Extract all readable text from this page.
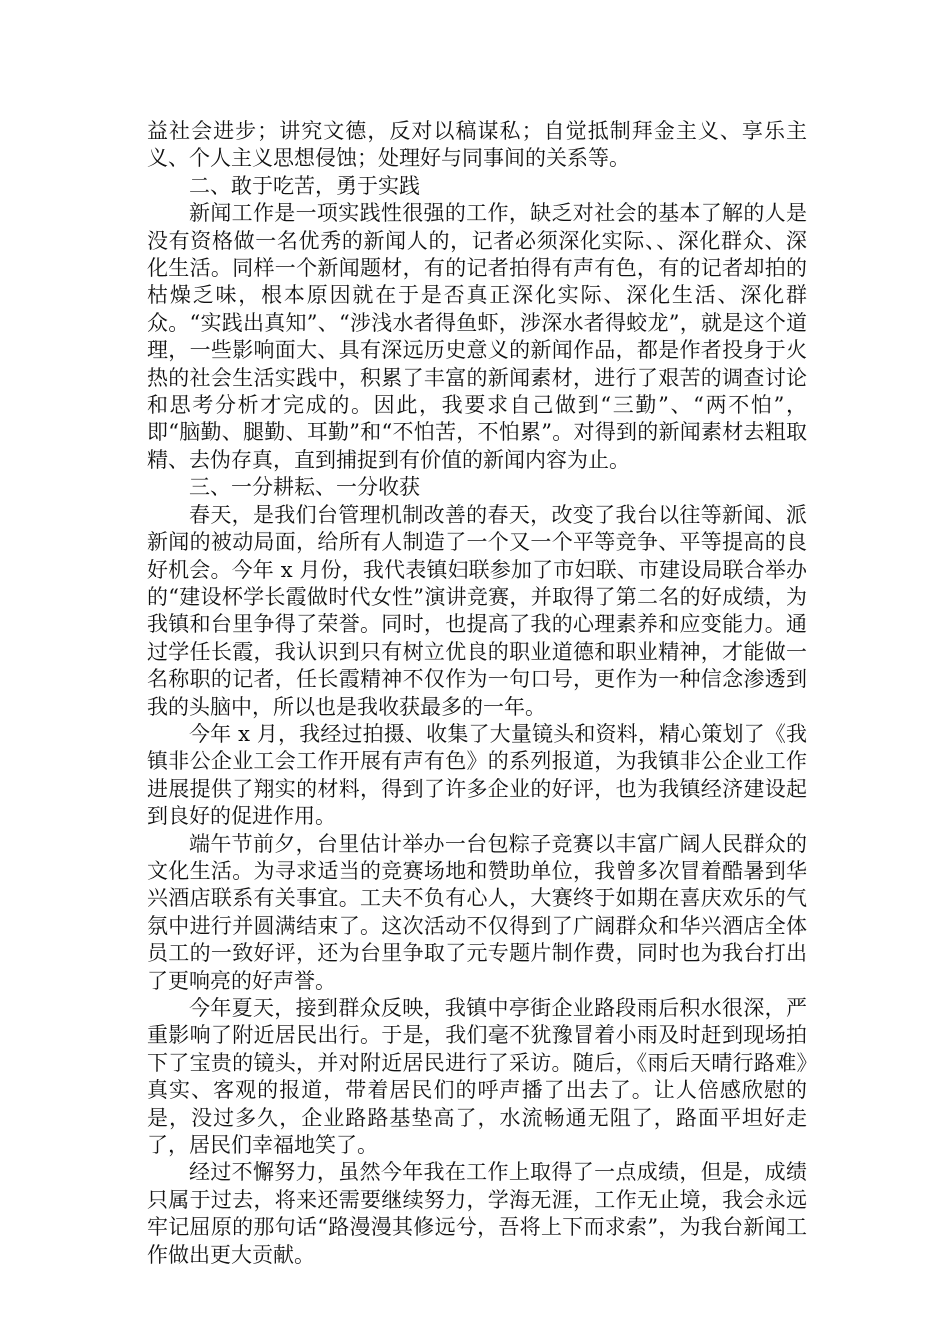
益社会进步；讲究文德，反对以稿谋私；自觉抵制拜金主义、享乐主义、个人主义思想侵蚀；处理好与同事间的关系等。

二、敢于吃苦，勇于实践

新闻工作是一项实践性很强的工作，缺乏对社会的基本了解的人是没有资格做一名优秀的新闻人的，记者必须深化实际、、深化群众、深化生活。同样一个新闻题材，有的记者拍得有声有色，有的记者却拍的枯燥乏味，根本原因就在于是否真正深化实际、深化生活、深化群众。“实践出真知”、“涉浅水者得鱼虾，涉深水者得蛟龙”，就是这个道理，一些影响面大、具有深远历史意义的新闻作品，都是作者投身于火热的社会生活实践中，积累了丰富的新闻素材，进行了艰苦的调查讨论和思考分析才完成的。因此，我要求自己做到“三勤”、“两不怕”，即“脑勤、腿勤、耳勤”和“不怕苦，不怕累”。对得到的新闻素材去粗取精、去伪存真，直到捕捉到有价值的新闻内容为止。

三、一分耕耘、一分收获

春天，是我们台管理机制改善的春天，改变了我台以往等新闻、派新闻的被动局面，给所有人制造了一个又一个平等竞争、平等提高的良好机会。今年 x 月份，我代表镇妇联参加了市妇联、市建设局联合举办的“建设杯学长霞做时代女性”演讲竞赛，并取得了第二名的好成绩，为我镇和台里争得了荣誉。同时，也提高了我的心理素养和应变能力。通过学任长霞，我认识到只有树立优良的职业道德和职业精神，才能做一名称职的记者，任长霞精神不仅作为一句口号，更作为一种信念渗透到我的头脑中，所以也是我收获最多的一年。

今年 x 月，我经过拍摄、收集了大量镜头和资料，精心策划了《我镇非公企业工会工作开展有声有色》的系列报道，为我镇非公企业工作进展提供了翔实的材料，得到了许多企业的好评，也为我镇经济建设起到良好的促进作用。

端午节前夕，台里估计举办一台包粽子竞赛以丰富广阔人民群众的文化生活。为寻求适当的竞赛场地和赞助单位，我曾多次冒着酷暑到华兴酒店联系有关事宜。工夫不负有心人，大赛终于如期在喜庆欢乐的气氛中进行并圆满结束了。这次活动不仅得到了广阔群众和华兴酒店全体员工的一致好评，还为台里争取了元专题片制作费，同时也为我台打出了更响亮的好声誉。

今年夏天，接到群众反映，我镇中亭街企业路段雨后积水很深，严重影响了附近居民出行。于是，我们毫不犹豫冒着小雨及时赶到现场拍下了宝贵的镜头，并对附近居民进行了采访。随后，《雨后天晴行路难》真实、客观的报道，带着居民们的呼声播了出去了。让人倍感欣慰的是，没过多久，企业路路基垫高了，水流畅通无阻了，路面平坦好走了，居民们幸福地笑了。

经过不懈努力，虽然今年我在工作上取得了一点成绩，但是，成绩只属于过去，将来还需要继续努力，学海无涯，工作无止境，我会永远牢记屈原的那句话“路漫漫其修远兮，吾将上下而求索”，为我台新闻工作做出更大贡献。
